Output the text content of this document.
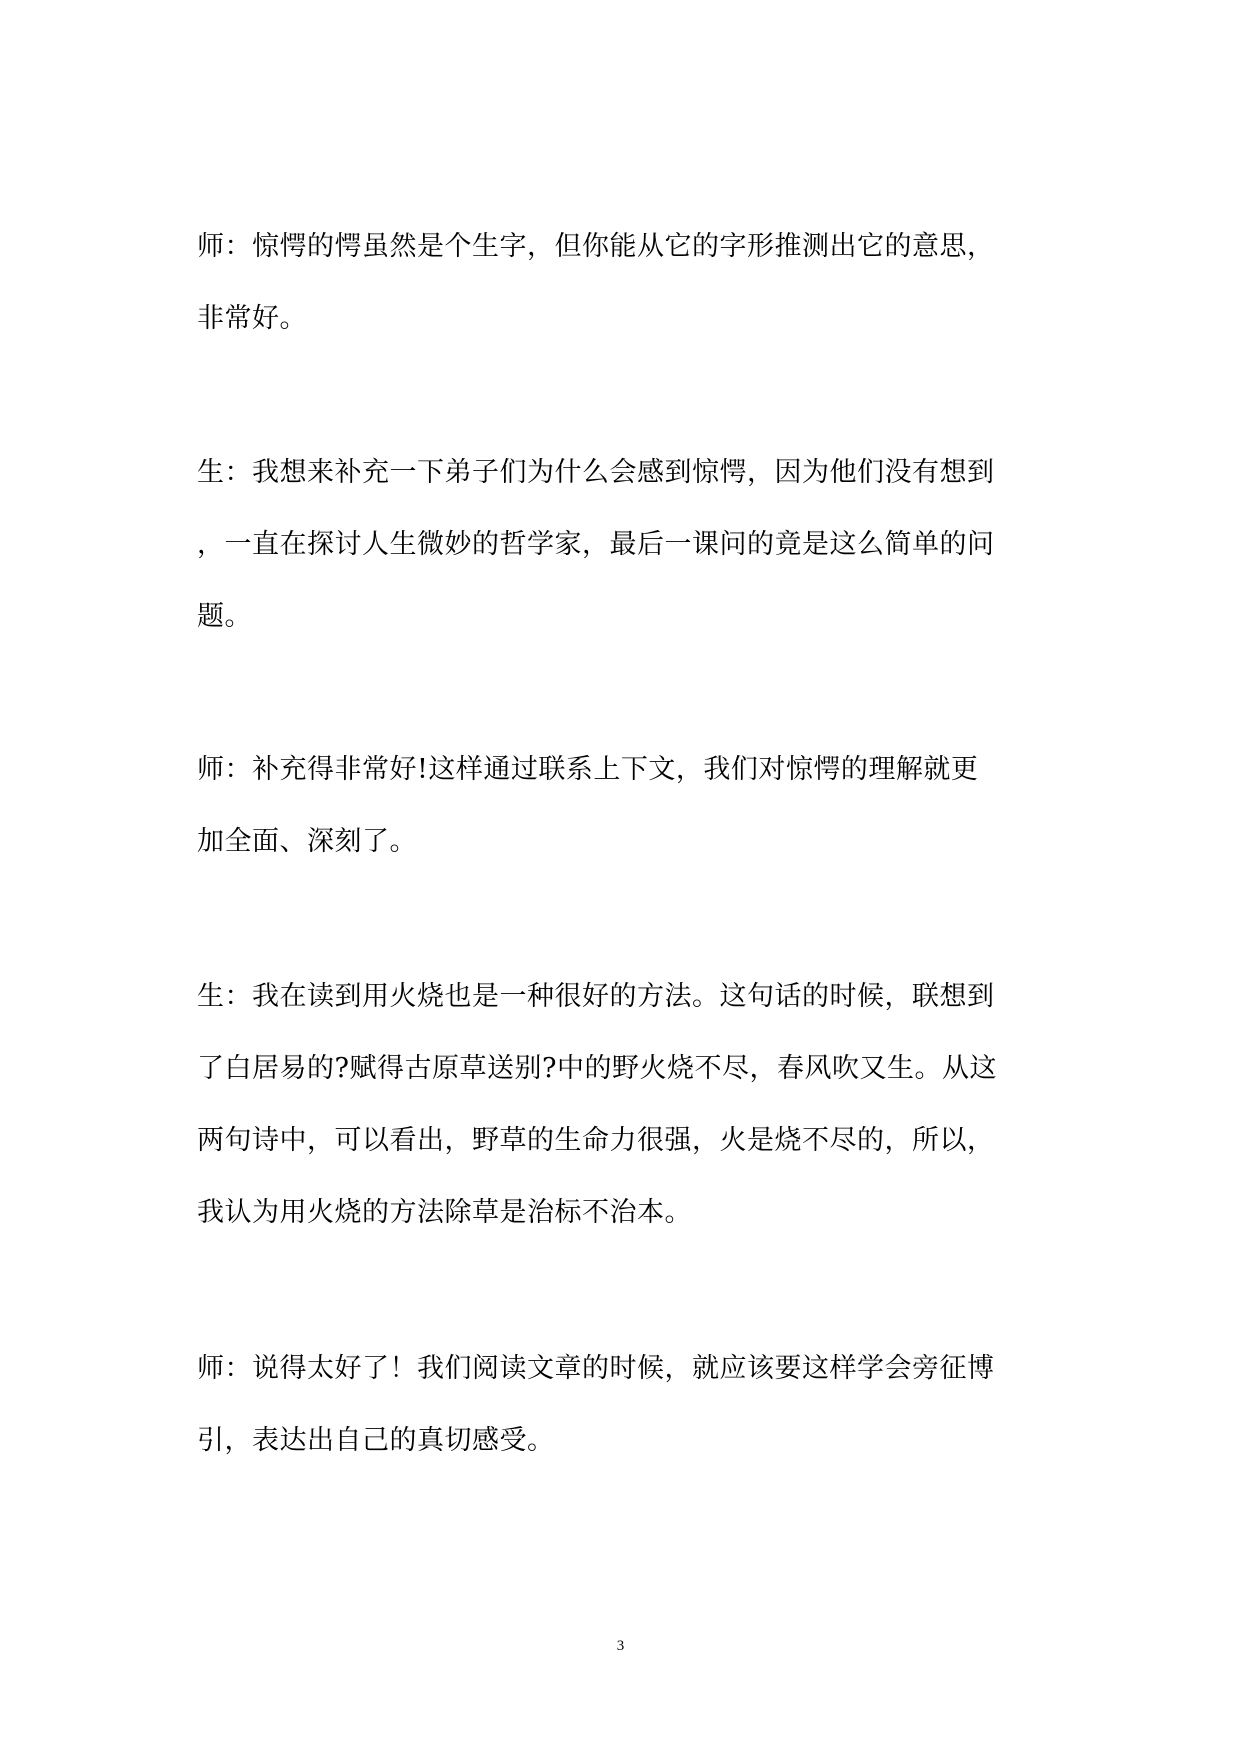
师：惊愕的愕虽然是个生字，但你能从它的字形推测出它的意思，
非常好。
生：我想来补充一下弟子们为什么会感到惊愕，因为他们没有想到
，一直在探讨人生微妙的哲学家，最后一课问的竟是这么简单的问
题。
师：补充得非常好!这样通过联系上下文，我们对惊愕的理解就更
加全面、深刻了。
生：我在读到用火烧也是一种很好的方法。这句话的时候，联想到
了白居易的?赋得古原草送别?中的野火烧不尽，春风吹又生。从这
两句诗中，可以看出，野草的生命力很强，火是烧不尽的，所以，
我认为用火烧的方法除草是治标不治本。
师：说得太好了！我们阅读文章的时候，就应该要这样学会旁征博
引，表达出自己的真切感受。
3
